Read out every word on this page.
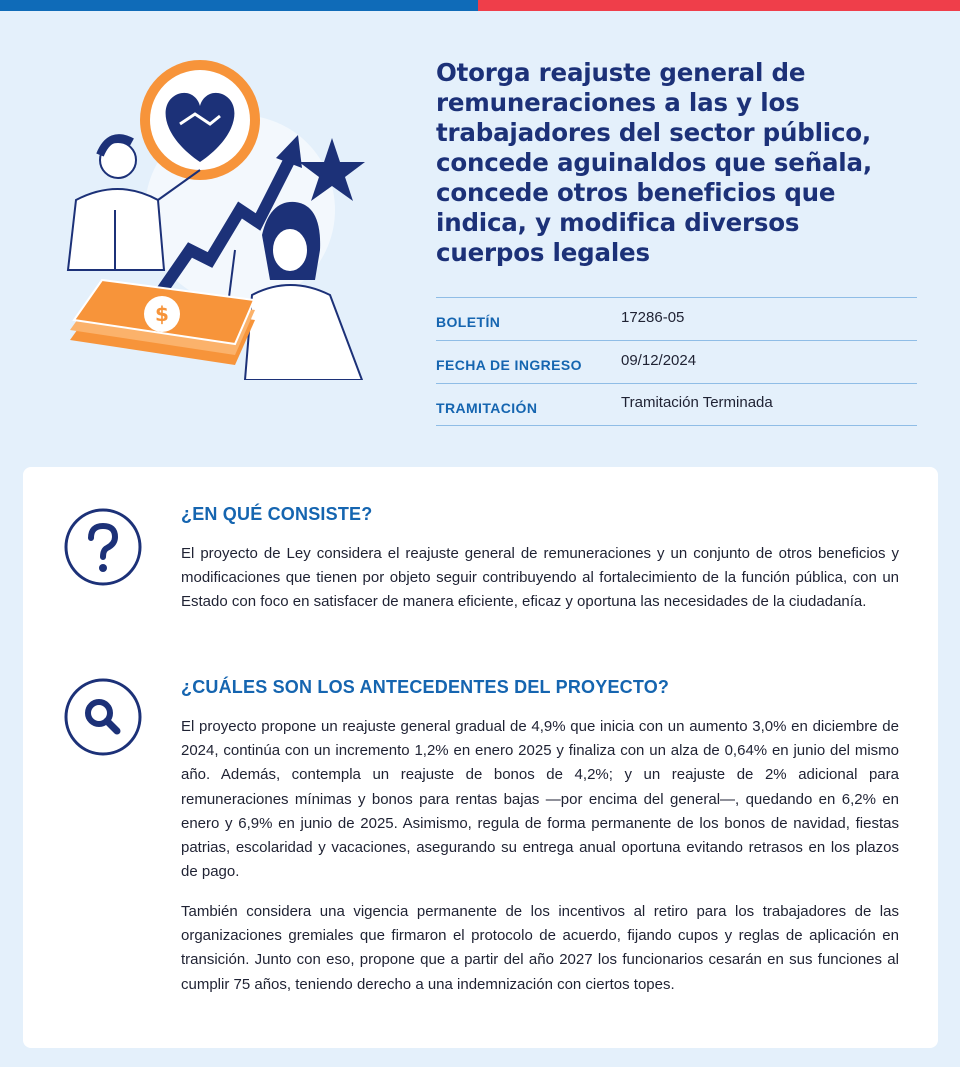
$
Otorga reajuste general de remuneraciones a las y los trabajadores del sector público, concede aguinaldos que señala, concede otros beneficios que indica, y modifica diversos cuerpos legales
BOLETÍN	17286-05
FECHA DE INGRESO	09/12/2024
TRAMITACIÓN	Tramitación Terminada
¿EN QUÉ CONSISTE?

El proyecto de Ley considera el reajuste general de remuneraciones y un conjunto de otros beneficios y modificaciones que tienen por objeto seguir contribuyendo al fortalecimiento de la función pública, con un Estado con foco en satisfacer de manera eficiente, eficaz y oportuna las necesidades de la ciudadanía.

¿CUÁLES SON LOS ANTECEDENTES DEL PROYECTO?

El proyecto propone un reajuste general gradual de 4,9% que inicia con un aumento 3,0% en diciembre de 2024, continúa con un incremento 1,2% en enero 2025 y finaliza con un alza de 0,64% en junio del mismo año. Además, contempla un reajuste de bonos de 4,2%; y un reajuste de 2% adicional para remuneraciones mínimas y bonos para rentas bajas —por encima del general—, quedando en 6,2% en enero y 6,9% en junio de 2025. Asimismo, regula de forma permanente de los bonos de navidad, fiestas patrias, escolaridad y vacaciones, asegurando su entrega anual oportuna evitando retrasos en los plazos de pago.

También considera una vigencia permanente de los incentivos al retiro para los trabajadores de las organizaciones gremiales que firmaron el protocolo de acuerdo, fijando cupos y reglas de aplicación en transición. Junto con eso, propone que a partir del año 2027 los funcionarios cesarán en sus funciones al cumplir 75 años, teniendo derecho a una indemnización con ciertos topes.
